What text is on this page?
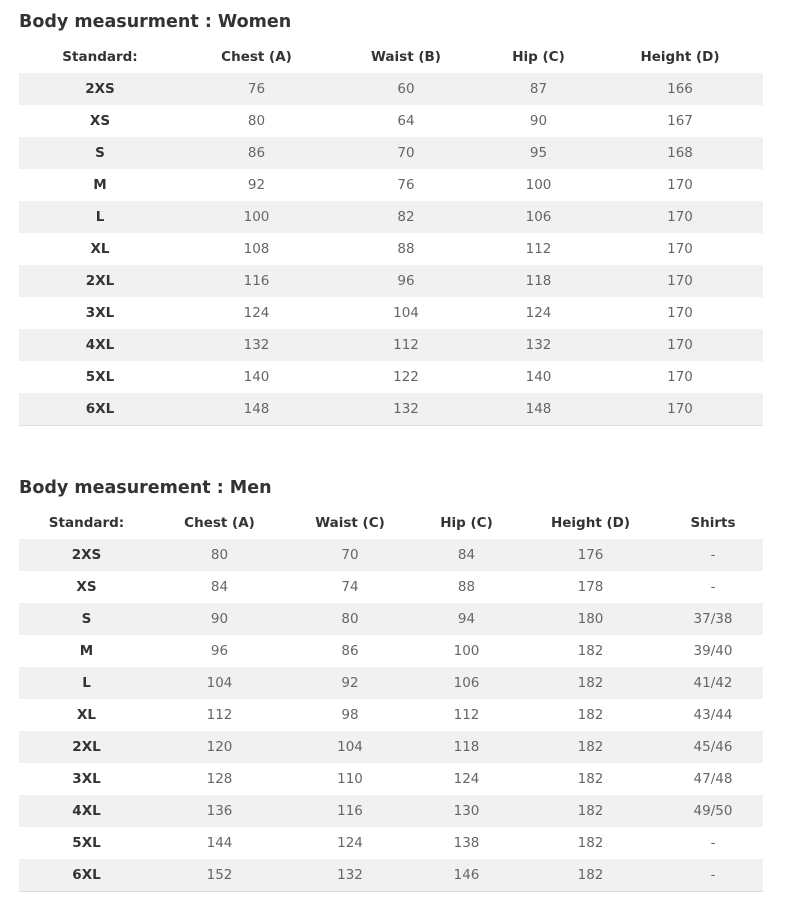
Body measurment : Women
Standard:	Chest (A)	Waist (B)	Hip (C)	Height (D)
2XS	76	60	87	166
XS	80	64	90	167
S	86	70	95	168
M	92	76	100	170
L	100	82	106	170
XL	108	88	112	170
2XL	116	96	118	170
3XL	124	104	124	170
4XL	132	112	132	170
5XL	140	122	140	170
6XL	148	132	148	170
Body measurement : Men
Standard:	Chest (A)	Waist (C)	Hip (C)	Height (D)	Shirts
2XS	80	70	84	176	-
XS	84	74	88	178	-
S	90	80	94	180	37/38
M	96	86	100	182	39/40
L	104	92	106	182	41/42
XL	112	98	112	182	43/44
2XL	120	104	118	182	45/46
3XL	128	110	124	182	47/48
4XL	136	116	130	182	49/50
5XL	144	124	138	182	-
6XL	152	132	146	182	-
